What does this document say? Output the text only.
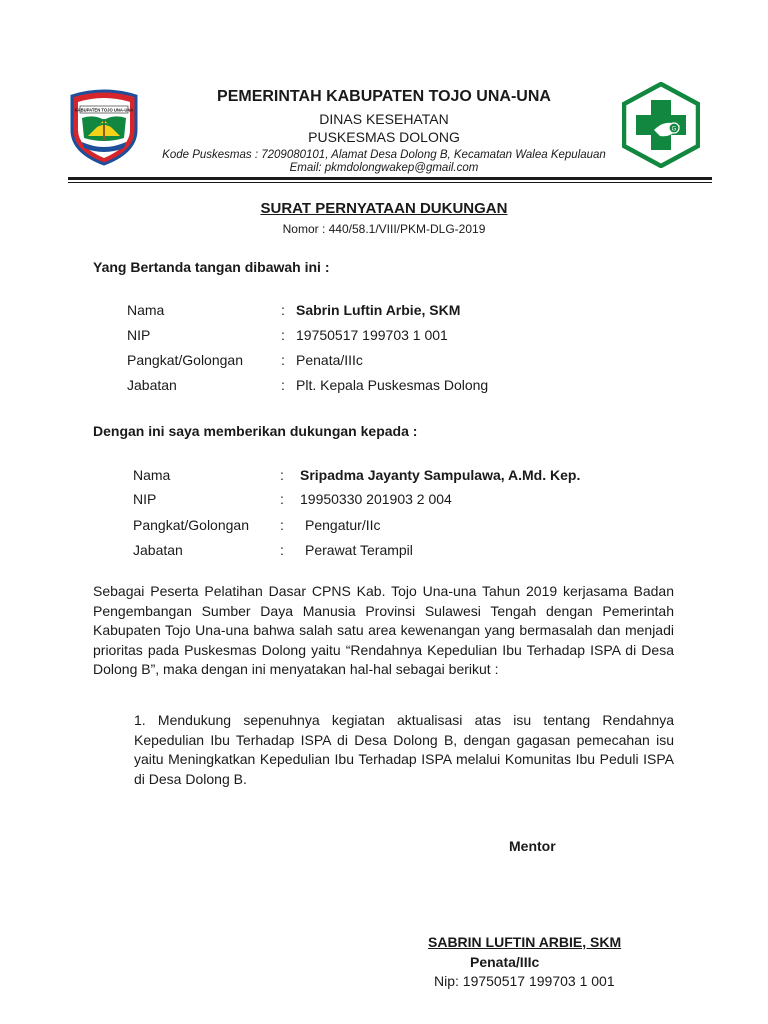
KABUPATEN TOJO UNA-UNA
G
PEMERINTAH KABUPATEN TOJO UNA-UNA
DINAS KESEHATAN
PUSKESMAS DOLONG
Kode Puskesmas : 7209080101, Alamat Desa Dolong B, Kecamatan Walea Kepulauan
Email: pkmdolongwakep@gmail.com
SURAT PERNYATAAN DUKUNGAN
Nomor : 440/58.1/VIII/PKM-DLG-2019
Yang Bertanda tangan dibawah ini :
Nama	: Sabrin Luftin Arbie, SKM
NIP	: 19750517 199703 1 001
Pangkat/Golongan	: Penata/IIIc
Jabatan	: Plt. Kepala Puskesmas Dolong
Dengan ini saya memberikan dukungan kepada :
Nama	: Sripadma Jayanty Sampulawa, A.Md. Kep.
NIP	: 19950330 201903 2 004
Pangkat/Golongan : Pengatur/IIc
Jabatan	: Perawat Terampil
Sebagai Peserta Pelatihan Dasar CPNS Kab. Tojo Una-una Tahun 2019 kerjasama Badan Pengembangan Sumber Daya Manusia Provinsi Sulawesi Tengah dengan Pemerintah Kabupaten Tojo Una-una bahwa salah satu area kewenangan yang bermasalah dan menjadi prioritas pada Puskesmas Dolong yaitu “Rendahnya Kepedulian Ibu Terhadap ISPA di Desa Dolong B”, maka dengan ini menyatakan hal-hal sebagai berikut :
1. Mendukung sepenuhnya kegiatan aktualisasi atas isu tentang Rendahnya Kepedulian Ibu Terhadap ISPA di Desa Dolong B, dengan gagasan pemecahan isu yaitu Meningkatkan Kepedulian Ibu Terhadap ISPA melalui Komunitas Ibu Peduli ISPA di Desa Dolong B.
Mentor
SABRIN LUFTIN ARBIE, SKM
Penata/IIIc
Nip: 19750517 199703 1 001
